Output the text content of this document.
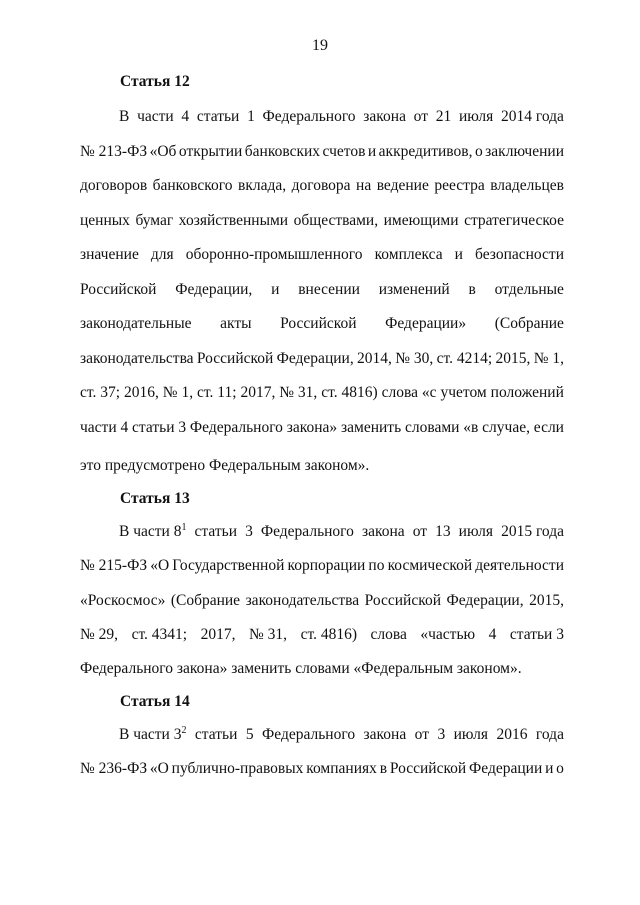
19
Статья 12
В части 4 статьи 1 Федерального закона от 21 июля 2014 года
№ 213-ФЗ «Об открытии банковских счетов и аккредитивов, о заключении
договоров банковского вклада, договора на ведение реестра владельцев
ценных бумаг хозяйственными обществами, имеющими стратегическое
значение для оборонно-промышленного комплекса и безопасности
Российской Федерации, и внесении изменений в отдельные
законодательные акты Российской Федерации» (Собрание
законодательства Российской Федерации, 2014, № 30, ст. 4214; 2015, № 1,
ст. 37; 2016, № 1, ст. 11; 2017, № 31, ст. 4816) слова «с учетом положений
части 4 статьи 3 Федерального закона» заменить словами «в случае, если
это предусмотрено Федеральным законом».
Статья 13
В части $8^1$ статьи 3 Федерального закона от 13 июля 2015 года
№ 215-ФЗ «О Государственной корпорации по космической деятельности
«Роскосмос» (Собрание законодательства Российской Федерации, 2015,
№ 29, ст. 4341; 2017, № 31, ст. 4816) слова «частью 4 статьи 3
Федерального закона» заменить словами «Федеральным законом».
Статья 14
В части $3^2$ статьи 5 Федерального закона от 3 июля 2016 года
№ 236-ФЗ «О публично-правовых компаниях в Российской Федерации и о
